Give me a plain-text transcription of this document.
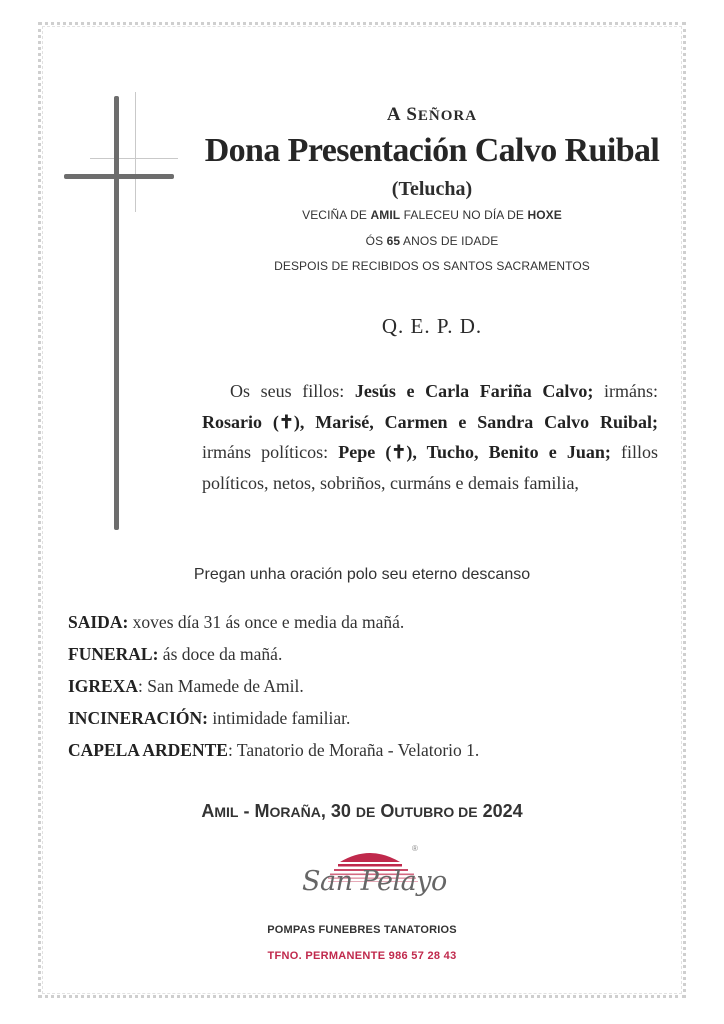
A SEÑORA
Dona Presentación Calvo Ruibal
(Telucha)
VECIÑA DE AMIL FALECEU NO DÍA DE HOXE
ÓS 65 ANOS DE IDADE
DESPOIS DE RECIBIDOS OS SANTOS SACRAMENTOS
Q. E. P. D.
Os seus fillos: Jesús e Carla Fariña Calvo; irmáns: Rosario (✝), Marisé, Carmen e Sandra Calvo Ruibal; irmáns políticos: Pepe (✝), Tucho, Benito e Juan; fillos políticos, netos, sobriños, curmáns e demais familia,
Pregan unha oración polo seu eterno descanso
SAIDA: xoves día 31 ás once e media da mañá.
FUNERAL: ás doce da mañá.
IGREXA: San Mamede de Amil.
INCINERACIÓN: intimidade familiar.
CAPELA ARDENTE: Tanatorio de Moraña - Velatorio 1.
AMIL - MORAÑA, 30 DE OUTUBRO DE 2024
San Pelayo
®
POMPAS FUNEBRES TANATORIOS
TFNO. PERMANENTE 986 57 28 43
